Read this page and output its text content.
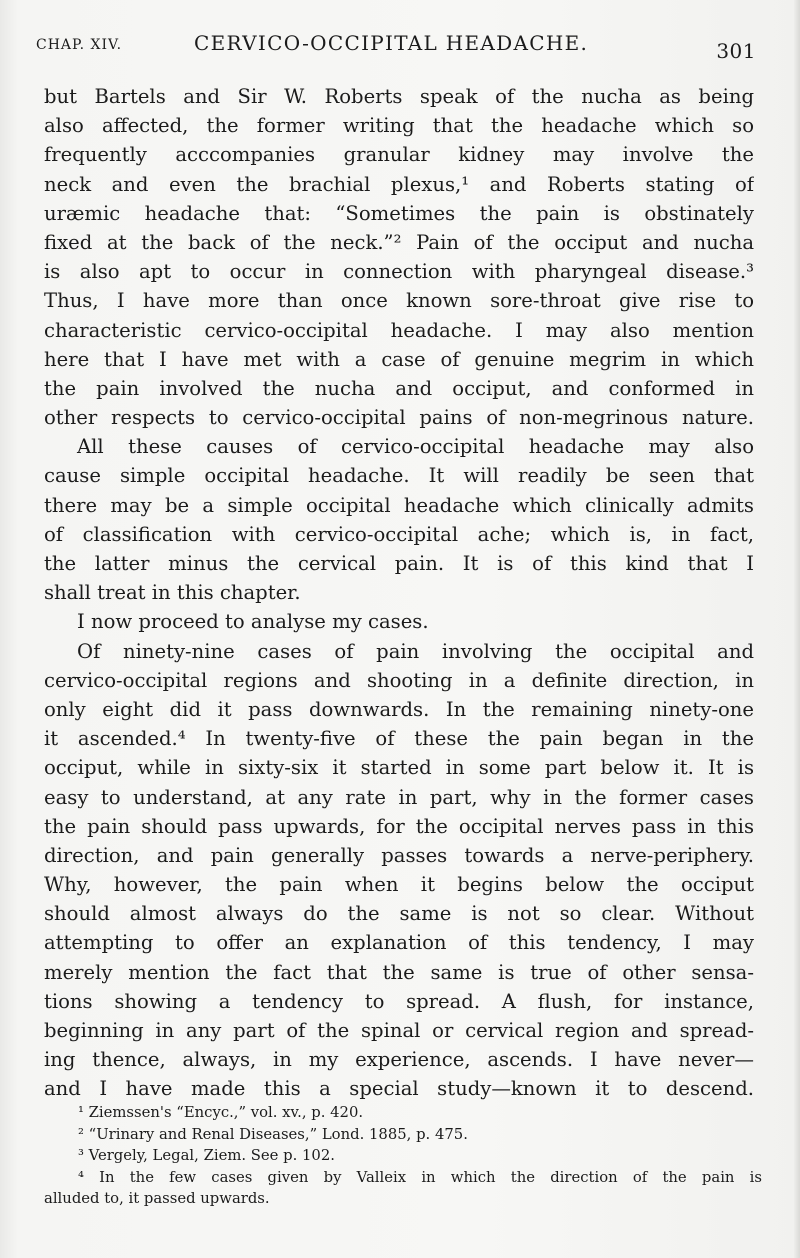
CHAP. XIV.	CERVICO-OCCIPITAL HEADACHE.	301
but Bartels and Sir W. Roberts speak of the nucha as being
also affected, the former writing that the headache which so
frequently acccompanies granular kidney may involve the
neck and even the brachial plexus,¹ and Roberts stating of
uræmic headache that: “Sometimes the pain is obstinately
fixed at the back of the neck.”² Pain of the occiput and nucha
is also apt to occur in connection with pharyngeal disease.³
Thus, I have more than once known sore-throat give rise to
characteristic cervico-occipital headache. I may also mention
here that I have met with a case of genuine megrim in which
the pain involved the nucha and occiput, and conformed in
other respects to cervico-occipital pains of non-megrinous nature.
All these causes of cervico-occipital headache may also
cause simple occipital headache. It will readily be seen that
there may be a simple occipital headache which clinically admits
of classification with cervico-occipital ache; which is, in fact,
the latter minus the cervical pain. It is of this kind that I
shall treat in this chapter.
I now proceed to analyse my cases.
Of ninety-nine cases of pain involving the occipital and
cervico-occipital regions and shooting in a definite direction, in
only eight did it pass downwards. In the remaining ninety-one
it ascended.⁴ In twenty-five of these the pain began in the
occiput, while in sixty-six it started in some part below it. It is
easy to understand, at any rate in part, why in the former cases
the pain should pass upwards, for the occipital nerves pass in this
direction, and pain generally passes towards a nerve-periphery.
Why, however, the pain when it begins below the occiput
should almost always do the same is not so clear. Without
attempting to offer an explanation of this tendency, I may
merely mention the fact that the same is true of other sensa-
tions showing a tendency to spread. A flush, for instance,
beginning in any part of the spinal or cervical region and spread-
ing thence, always, in my experience, ascends. I have never—
and I have made this a special study—known it to descend.
¹ Ziemssen's “Encyc.,” vol. xv., p. 420.
² “Urinary and Renal Diseases,” Lond. 1885, p. 475.
³ Vergely, Legal, Ziem. See p. 102.
⁴ In the few cases given by Valleix in which the direction of the pain is
alluded to, it passed upwards.
